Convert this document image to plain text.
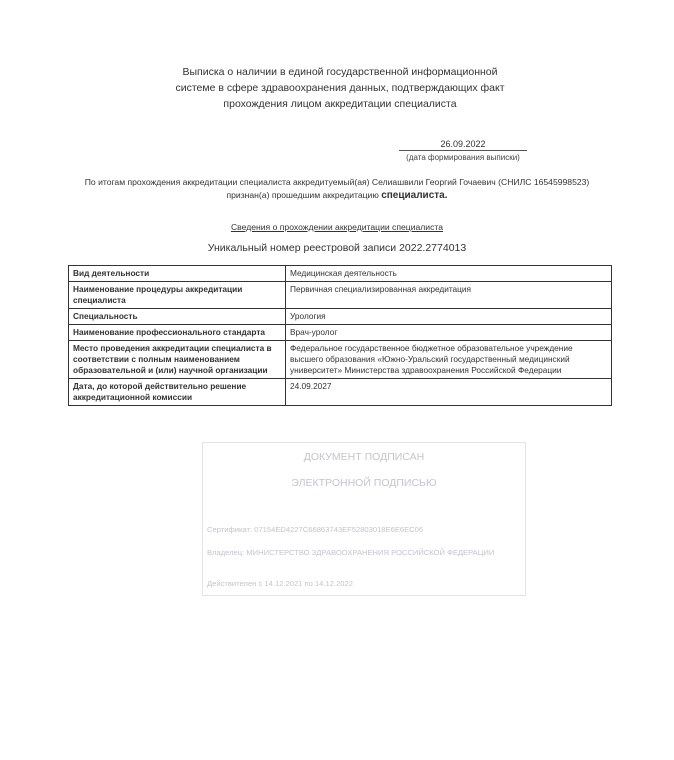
Выписка о наличии в единой государственной информационной
системе в сфере здравоохранения данных, подтверждающих факт
прохождения лицом аккредитации специалиста
26.09.2022
(дата формирования выписки)
По итогам прохождения аккредитации специалиста аккредитуемый(ая) Селиашвили Георгий Гочаевич (СНИЛС 16545998523)
признан(а) прошедшим аккредитацию специалиста.
Сведения о прохождении аккредитации специалиста
Уникальный номер реестровой записи 2022.2774013
Вид деятельности	Медицинская деятельность
Наименование процедуры аккредитации специалиста	Первичная специализированная аккредитация
Специальность	Урология
Наименование профессионального стандарта	Врач-уролог
Место проведения аккредитации специалиста в соответствии с полным наименованием образовательной и (или) научной организации	Федеральное государственное бюджетное образовательное учреждение высшего образования «Южно-Уральский государственный медицинский университет» Министерства здравоохранения Российской Федерации
Дата, до которой действительно решение аккредитационной комиссии	24.09.2027
ДОКУМЕНТ ПОДПИСАН
ЭЛЕКТРОННОЙ ПОДПИСЬЮ
Сертификат: 07154ED4227C66863743EF52803018E6E6EC06
Владелец: МИНИСТЕРСТВО ЗДРАВООХРАНЕНИЯ РОССИЙСКОЙ ФЕДЕРАЦИИ
Действителен с 14.12.2021 по 14.12.2022
